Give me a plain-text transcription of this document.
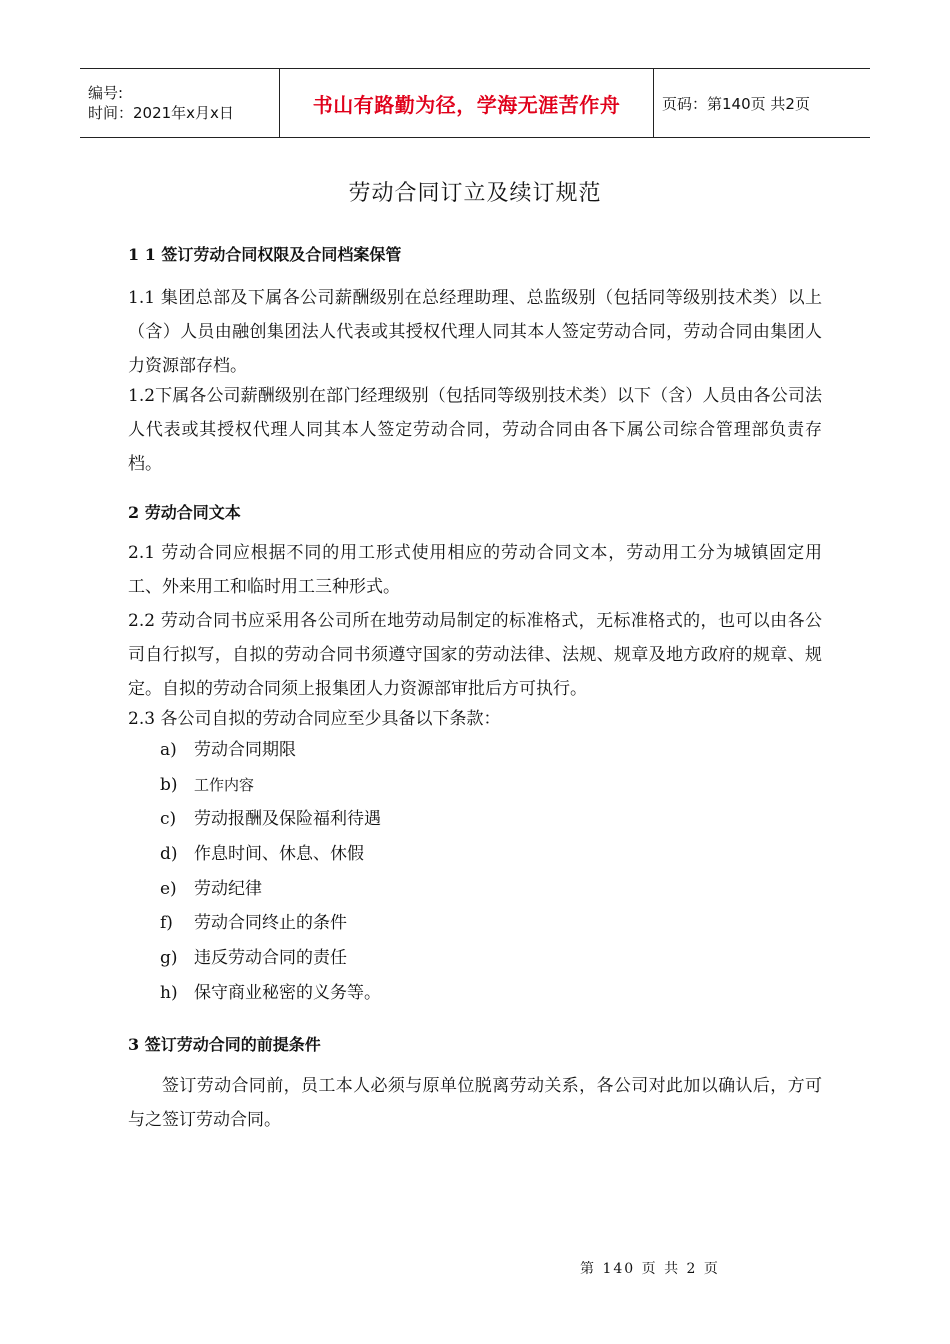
编号:
时间：2021年x月x日	书山有路勤为径，学海无涯苦作舟	页码：第140页 共2页
劳动合同订立及续订规范
1 1 签订劳动合同权限及合同档案保管
1.1 集团总部及下属各公司薪酬级别在总经理助理、总监级别（包括同等级别技术类）以上（含）人员由融创集团法人代表或其授权代理人同其本人签定劳动合同，劳动合同由集团人力资源部存档。
1.2下属各公司薪酬级别在部门经理级别（包括同等级别技术类）以下（含）人员由各公司法人代表或其授权代理人同其本人签定劳动合同，劳动合同由各下属公司综合管理部负责存档。
2 劳动合同文本
2.1 劳动合同应根据不同的用工形式使用相应的劳动合同文本，劳动用工分为城镇固定用工、外来用工和临时用工三种形式。
2.2 劳动合同书应采用各公司所在地劳动局制定的标准格式，无标准格式的，也可以由各公司自行拟写，自拟的劳动合同书须遵守国家的劳动法律、法规、规章及地方政府的规章、规定。自拟的劳动合同须上报集团人力资源部审批后方可执行。
2.3 各公司自拟的劳动合同应至少具备以下条款：
a)	劳动合同期限
b)	工作内容
c)	劳动报酬及保险福利待遇
d) 作息时间、休息、休假
e)	劳动纪律
f)	劳动合同终止的条件
g) 违反劳动合同的责任
h) 保守商业秘密的义务等。
3 签订劳动合同的前提条件
签订劳动合同前，员工本人必须与原单位脱离劳动关系，各公司对此加以确认后，方可与之签订劳动合同。
第 140 页 共 2 页
